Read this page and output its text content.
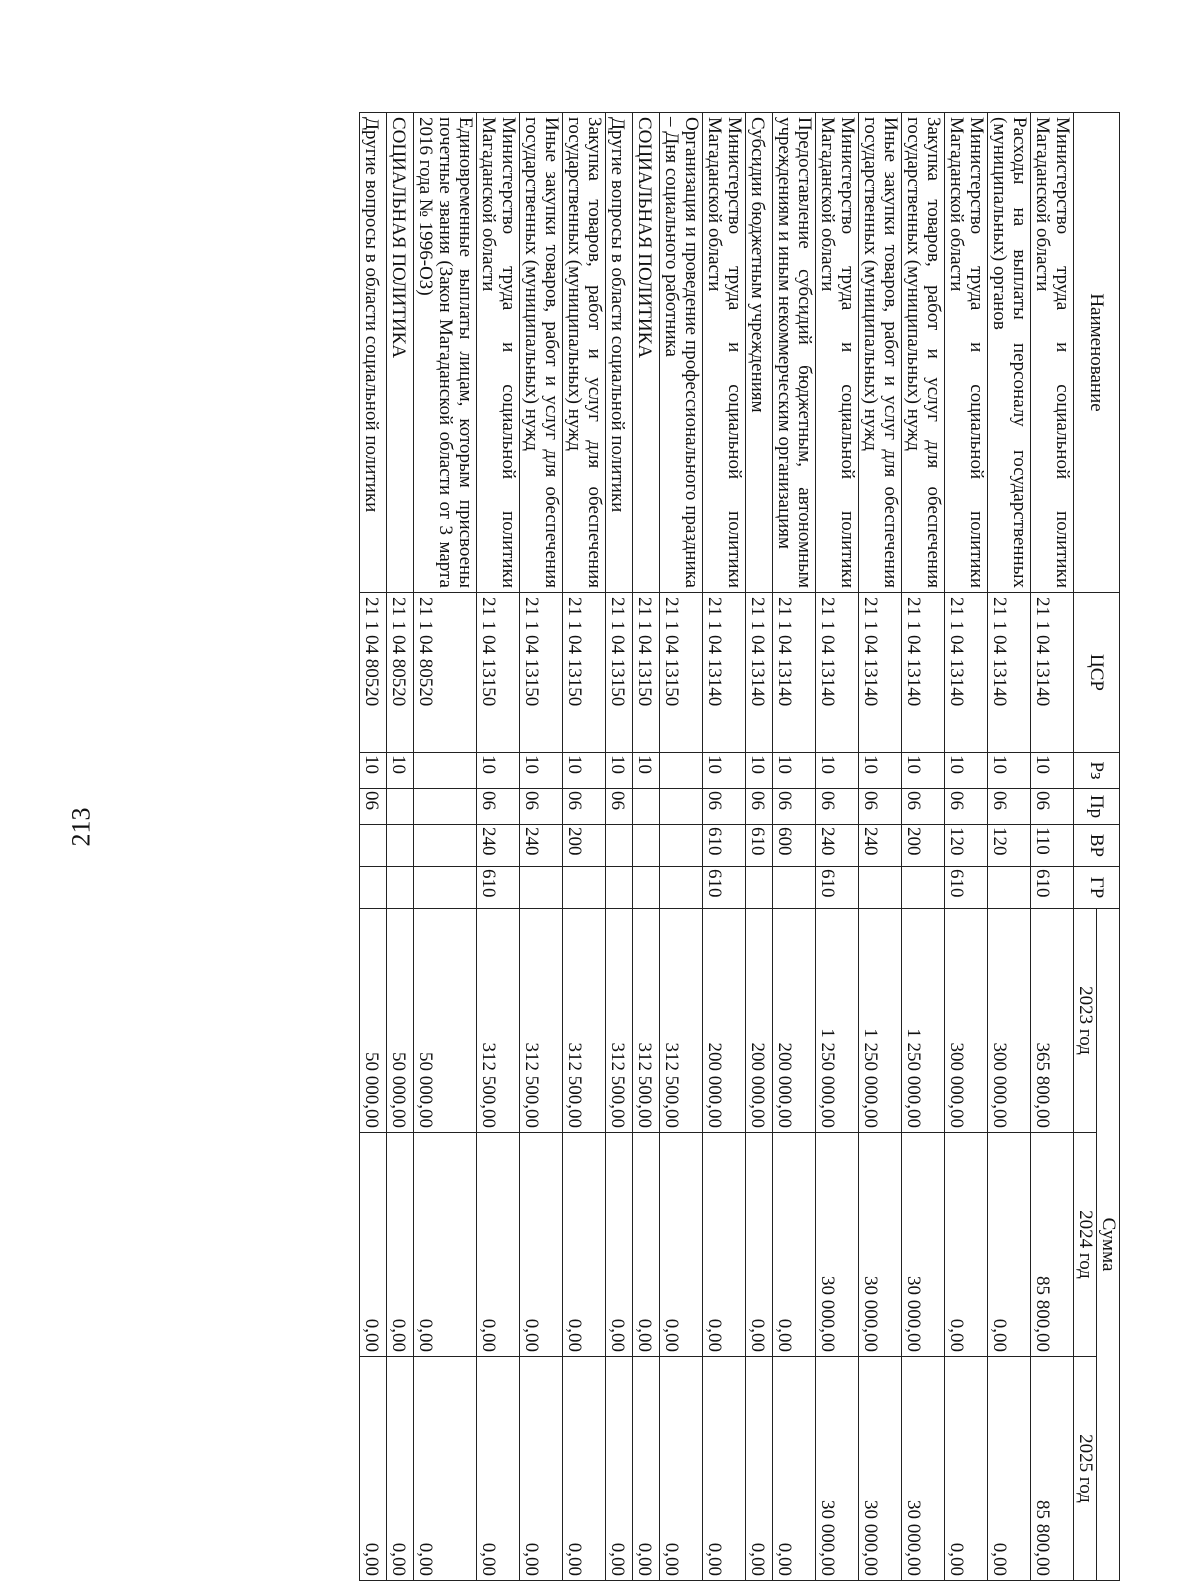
213
Наименование	ЦСР	Рз	Пр	ВР	ГР	Сумма		
						2023 год	2024 год	2025 год
Министерство труда и социальной политики Магаданской области	21 1 04 13140	10	06	110	610	365 800,00	85 800,00	85 800,00
Расходы на выплаты персоналу государственных (муниципальных) органов	21 1 04 13140	10	06	120		300 000,00	0,00	0,00
Министерство труда и социальной политики Магаданской области	21 1 04 13140	10	06	120	610	300 000,00	0,00	0,00
Закупка товаров, работ и услуг для обеспечения государственных (муниципальных) нужд	21 1 04 13140	10	06	200		1 250 000,00	30 000,00	30 000,00
Иные закупки товаров, работ и услуг для обеспечения государственных (муниципальных) нужд	21 1 04 13140	10	06	240		1 250 000,00	30 000,00	30 000,00
Министерство труда и социальной политики Магаданской области	21 1 04 13140	10	06	240	610	1 250 000,00	30 000,00	30 000,00
Предоставление субсидий бюджетным, автономным учреждениям и иным некоммерческим организациям	21 1 04 13140	10	06	600		200 000,00	0,00	0,00
Субсидии бюджетным учреждениям	21 1 04 13140	10	06	610		200 000,00	0,00	0,00
Министерство труда и социальной политики Магаданской области	21 1 04 13140	10	06	610	610	200 000,00	0,00	0,00
Организация и проведение профессионального праздника – Дня социального работника	21 1 04 13150					312 500,00	0,00	0,00
СОЦИАЛЬНАЯ ПОЛИТИКА	21 1 04 13150	10				312 500,00	0,00	0,00
Другие вопросы в области социальной политики	21 1 04 13150	10	06			312 500,00	0,00	0,00
Закупка товаров, работ и услуг для обеспечения государственных (муниципальных) нужд	21 1 04 13150	10	06	200		312 500,00	0,00	0,00
Иные закупки товаров, работ и услуг для обеспечения государственных (муниципальных) нужд	21 1 04 13150	10	06	240		312 500,00	0,00	0,00
Министерство труда и социальной политики Магаданской области	21 1 04 13150	10	06	240	610	312 500,00	0,00	0,00
Единовременные выплаты лицам, которым присвоены почетные звания (Закон Магаданской области от 3 марта 2016 года № 1996-ОЗ)	21 1 04 80520					50 000,00	0,00	0,00
СОЦИАЛЬНАЯ ПОЛИТИКА	21 1 04 80520	10				50 000,00	0,00	0,00
Другие вопросы в области социальной политики	21 1 04 80520	10	06			50 000,00	0,00	0,00
